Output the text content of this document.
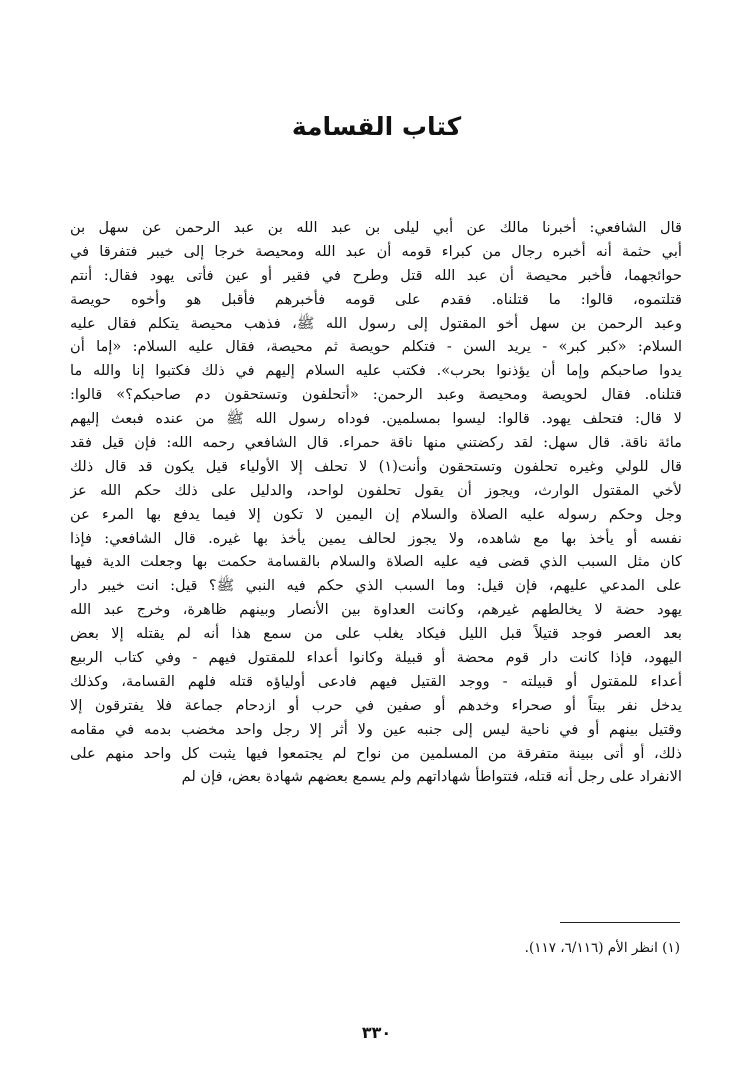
كتاب القسامة
قال الشافعي: أخبرنا مالك عن أبي ليلى بن عبد الله بن عبد الرحمن عن سهل بن
أبي حثمة أنه أخبره رجال من كبراء قومه أن عبد الله ومحيصة خرجا إلى خيبر فتفرقا في
حوائجهما، فأخبر محيصة أن عبد الله قتل وطرح في فقير أو عين فأتى يهود فقال: أنتم
قتلتموه، قالوا: ما قتلناه. فقدم على قومه فأخبرهم فأقبل هو وأخوه حويصة
وعبد الرحمن بن سهل أخو المقتول إلى رسول الله ﷺ، فذهب محيصة يتكلم فقال عليه
السلام: «كبر كبر» - يريد السن - فتكلم حويصة ثم محيصة، فقال عليه السلام: «إما أن
يدوا صاحبكم وإما أن يؤذنوا بحرب». فكتب عليه السلام إليهم في ذلك فكتبوا إنا والله ما
قتلناه. فقال لحويصة ومحيصة وعبد الرحمن: «أتحلفون وتستحقون دم صاحبكم؟» قالوا:
لا قال: فتحلف يهود. قالوا: ليسوا بمسلمين. فوداه رسول الله ﷺ من عنده فبعث إليهم
مائة ناقة. قال سهل: لقد ركضتني منها ناقة حمراء. قال الشافعي رحمه الله: فإن قيل فقد
قال للولي وغيره تحلفون وتستحقون وأنت(١) لا تحلف إلا الأولياء قيل يكون قد قال ذلك
لأخي المقتول الوارث، ويجوز أن يقول تحلفون لواحد، والدليل على ذلك حكم الله عز
وجل وحكم رسوله عليه الصلاة والسلام إن اليمين لا تكون إلا فيما يدفع بها المرء عن
نفسه أو يأخذ بها مع شاهده، ولا يجوز لحالف يمين يأخذ بها غيره. قال الشافعي: فإذا
كان مثل السبب الذي قضى فيه عليه الصلاة والسلام بالقسامة حكمت بها وجعلت الدية فيها
على المدعي عليهم، فإن قيل: وما السبب الذي حكم فيه النبي ﷺ؟ قيل: انت خيبر دار
يهود حضة لا يخالطهم غيرهم، وكانت العداوة بين الأنصار وبينهم ظاهرة، وخرج عبد الله
بعد العصر فوجد قتيلاً قبل الليل فيكاد يغلب على من سمع هذا أنه لم يقتله إلا بعض
اليهود، فإذا كانت دار قوم محضة أو قبيلة وكانوا أعداء للمقتول فيهم - وفي كتاب الربيع
أعداء للمقتول أو قبيلته - ووجد القتيل فيهم فادعى أولياؤه قتله فلهم القسامة، وكذلك
يدخل نفر بيتاً أو صحراء وخدهم أو صفين في حرب أو ازدحام جماعة فلا يفترقون إلا
وقتيل بينهم أو في ناحية ليس إلى جنبه عين ولا أثر إلا رجل واحد مخضب بدمه في مقامه
ذلك، أو أتى ببينة متفرقة من المسلمين من نواح لم يجتمعوا فيها يثبت كل واحد منهم على
الانفراد على رجل أنه قتله، فتتواطأ شهاداتهم ولم يسمع بعضهم شهادة بعض، فإن لم
(١) انظر الأم (٦/١١٦، ١١٧).
٣٣٠
